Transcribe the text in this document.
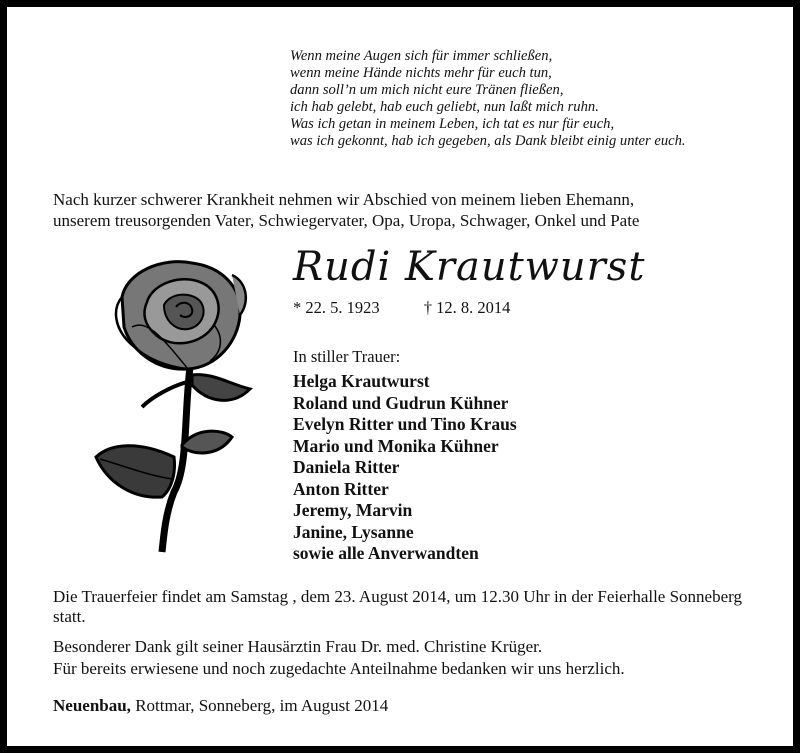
Wenn meine Augen sich für immer schließen,
wenn meine Hände nichts mehr für euch tun,
dann soll’n um mich nicht eure Tränen fließen,
ich hab gelebt, hab euch geliebt, nun laßt mich ruhn.
Was ich getan in meinem Leben, ich tat es nur für euch,
was ich gekonnt, hab ich gegeben, als Dank bleibt einig unter euch.
Nach kurzer schwerer Krankheit nehmen wir Abschied von meinem lieben Ehemann,
unserem treusorgenden Vater, Schwiegervater, Opa, Uropa, Schwager, Onkel und Pate
Rudi Krautwurst
* 22. 5. 1923	† 12. 8. 2014
In stiller Trauer:
Helga Krautwurst
Roland und Gudrun Kühner
Evelyn Ritter und Tino Kraus
Mario und Monika Kühner
Daniela Ritter
Anton Ritter
Jeremy, Marvin
Janine, Lysanne
sowie alle Anverwandten
Die Trauerfeier findet am Samstag , dem 23. August 2014, um 12.30 Uhr in der Feierhalle Sonneberg statt.
Besonderer Dank gilt seiner Hausärztin Frau Dr. med. Christine Krüger.
Für bereits erwiesene und noch zugedachte Anteilnahme bedanken wir uns herzlich.
Neuenbau, Rottmar, Sonneberg, im August 2014
